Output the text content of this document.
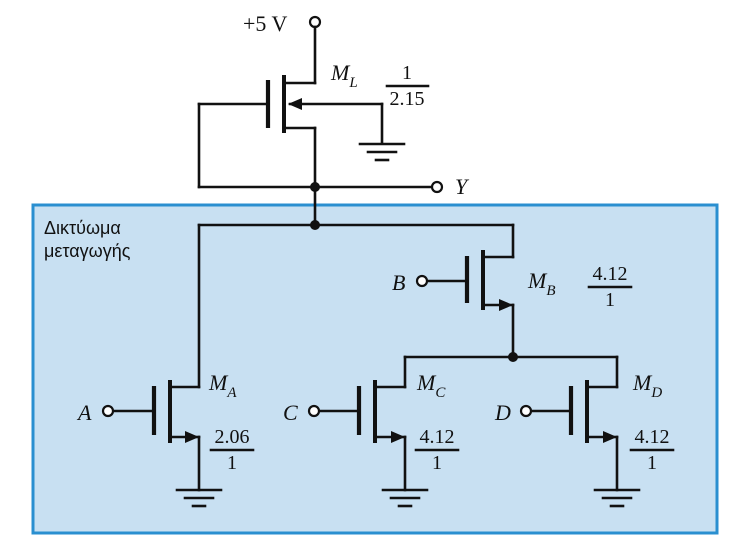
+5 V
$M_L$ 1
2.15
Y
Δικτύωμα
μεταγωγής
A
$M_A$
2.06
1
B	$M_B$
4.12
1
C
$M_C$
4.12
1
D
$M_D$
4.12
1
